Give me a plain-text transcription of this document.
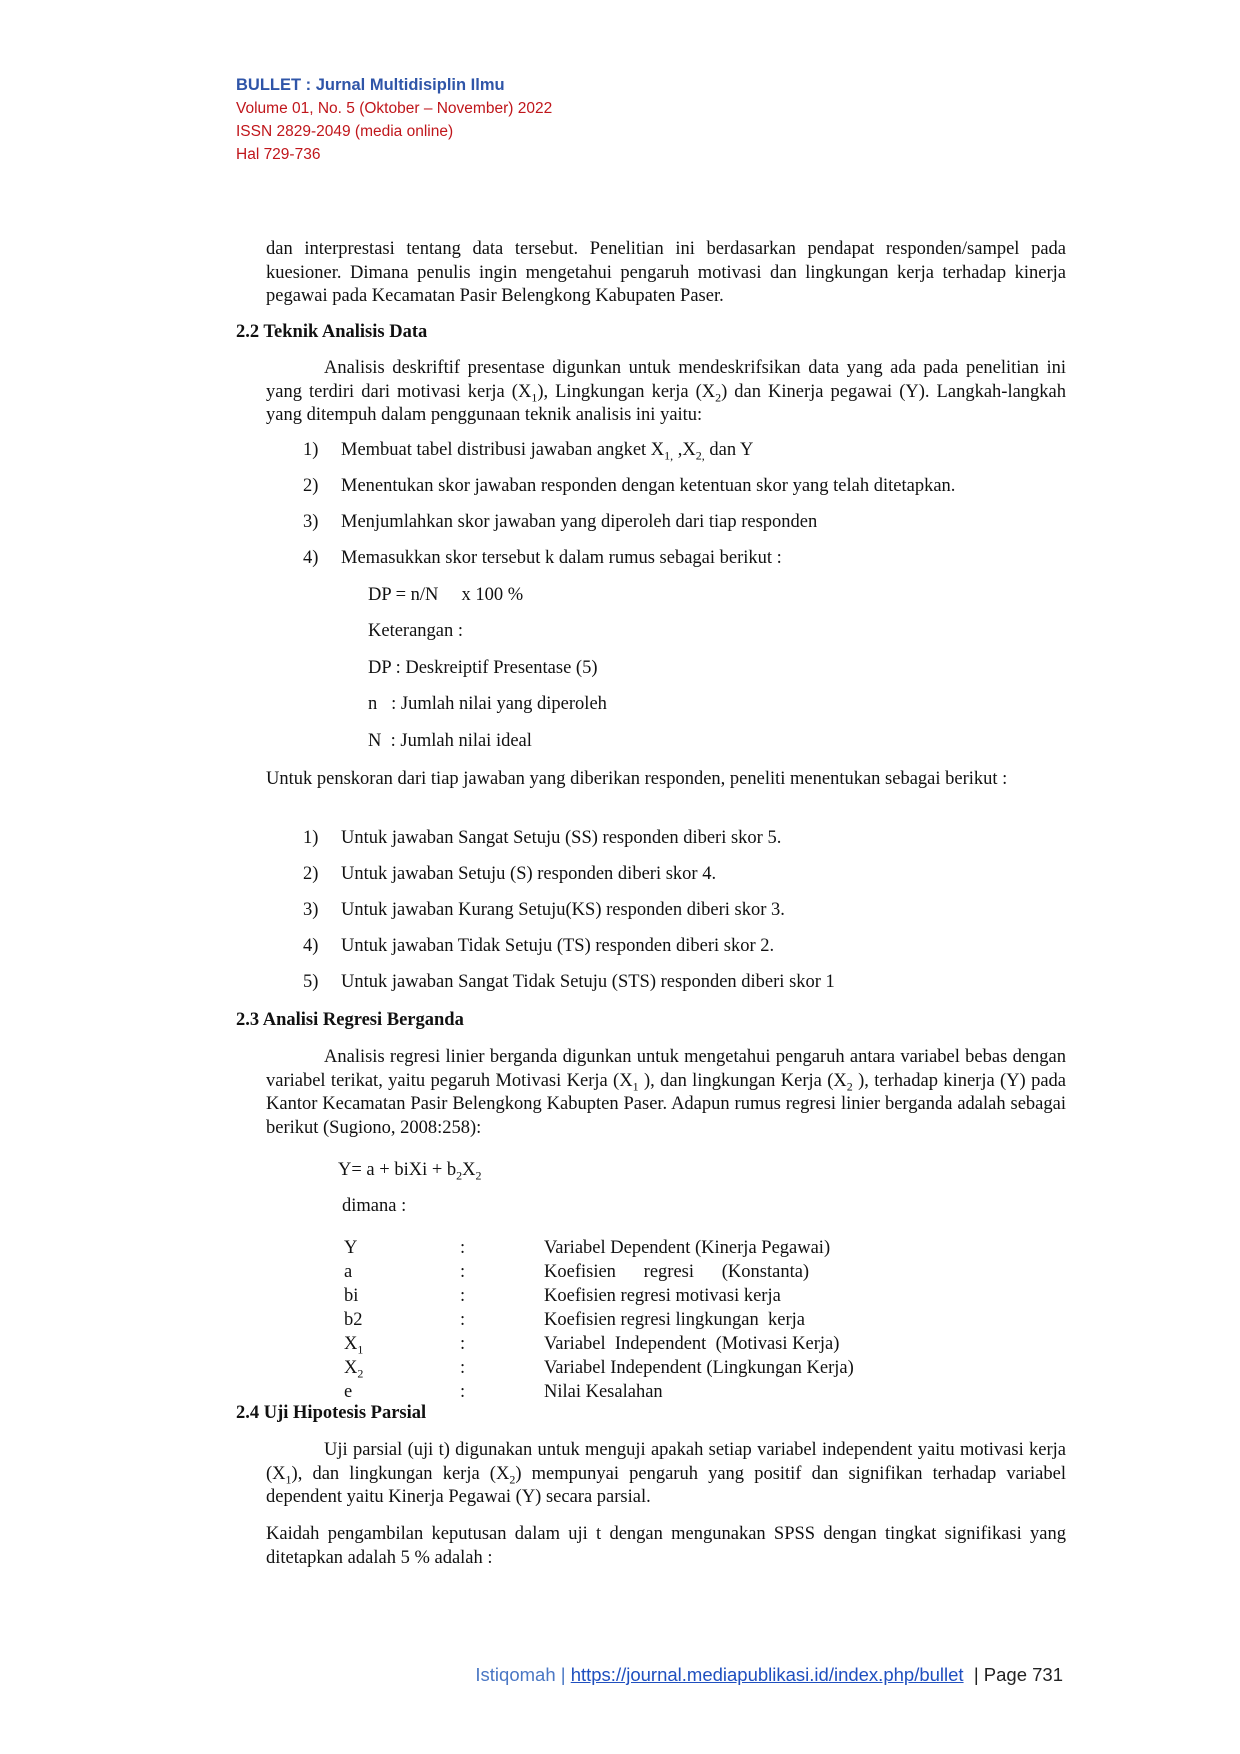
BULLET : Jurnal Multidisiplin Ilmu
Volume 01, No. 5 (Oktober – November) 2022
ISSN 2829-2049 (media online)
Hal 729-736
dan interprestasi tentang data tersebut. Penelitian ini berdasarkan pendapat responden/sampel pada kuesioner. Dimana penulis ingin mengetahui pengaruh motivasi dan lingkungan kerja terhadap kinerja pegawai pada Kecamatan Pasir Belengkong Kabupaten Paser.
2.2 Teknik Analisis Data
Analisis deskriftif presentase digunkan untuk mendeskrifsikan data yang ada pada penelitian ini yang terdiri dari motivasi kerja $(X_1)$, Lingkungan kerja $(X_2)$ dan Kinerja pegawai (Y). Langkah-langkah yang ditempuh dalam penggunaan teknik analisis ini yaitu:
1) Membuat tabel distribusi jawaban angket $X_{1,}$ $,X_{2,}$ dan Y
2) Menentukan skor jawaban responden dengan ketentuan skor yang telah ditetapkan.
3) Menjumlahkan skor jawaban yang diperoleh dari tiap responden
4) Memasukkan skor tersebut k dalam rumus sebagai berikut :
DP = n/N     x 100 %
Keterangan :
DP : Deskreiptif Presentase (5)
n   : Jumlah nilai yang diperoleh
N  : Jumlah nilai ideal
Untuk penskoran dari tiap jawaban yang diberikan responden, peneliti menentukan sebagai berikut :
1) Untuk jawaban Sangat Setuju (SS) responden diberi skor 5.
2) Untuk jawaban Setuju (S) responden diberi skor 4.
3) Untuk jawaban Kurang Setuju(KS) responden diberi skor 3.
4) Untuk jawaban Tidak Setuju (TS) responden diberi skor 2.
5) Untuk jawaban Sangat Tidak Setuju (STS) responden diberi skor 1
2.3 Analisi Regresi Berganda
Analisis regresi linier berganda digunkan untuk mengetahui pengaruh antara variabel bebas dengan variabel terikat, yaitu pegaruh Motivasi Kerja ($X_1$ ), dan lingkungan Kerja ($X_2$ ), terhadap kinerja (Y) pada Kantor Kecamatan Pasir Belengkong Kabupten Paser. Adapun rumus regresi linier berganda adalah sebagai berikut (Sugiono, 2008:258):
Y= a + biXi + $b_2X_2$
dimana :
Y	:	Variabel Dependent (Kinerja Pegawai)
a	:	Koefisien      regresi      (Konstanta)
bi	:	Koefisien regresi motivasi kerja
b2	:	Koefisien regresi lingkungan  kerja
$X_1$	:	Variabel  Independent  (Motivasi Kerja)
$X_2$	:	Variabel Independent (Lingkungan Kerja)
e	:	Nilai Kesalahan
2.4 Uji Hipotesis Parsial
Uji parsial (uji t) digunakan untuk menguji apakah setiap variabel independent yaitu motivasi kerja $(X_1)$, dan lingkungan kerja $(X_2)$ mempunyai pengaruh yang positif dan signifikan terhadap variabel dependent yaitu Kinerja Pegawai (Y) secara parsial.
Kaidah pengambilan keputusan dalam uji t dengan mengunakan SPSS dengan tingkat signifikasi yang ditetapkan adalah 5 % adalah :
Istiqomah | https://journal.mediapublikasi.id/index.php/bullet  | Page 731
